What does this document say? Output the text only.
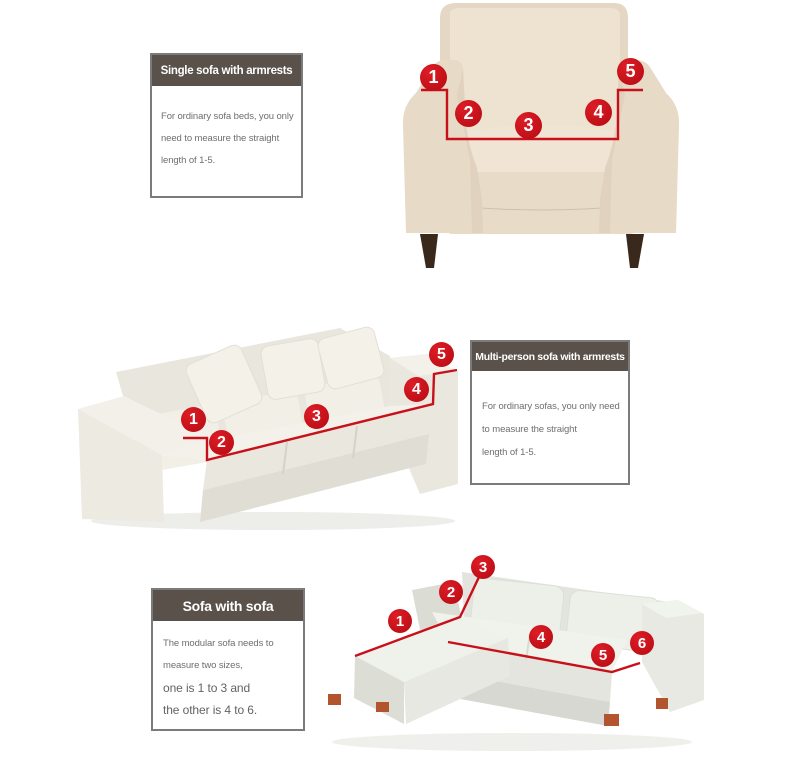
Single sofa with armrests

For ordinary sofa beds, you only

need to measure the straight

length of 1-5.

Multi-person sofa with armrests

For ordinary sofas, you only need

to measure the straight

length of 1-5.

Sofa with sofa

The modular sofa needs to

measure two sizes,

one is 1 to 3 and

the other is 4 to 6.

1
2
3
4
5
1
2
3
4
5
1
2
3
4
5
6
